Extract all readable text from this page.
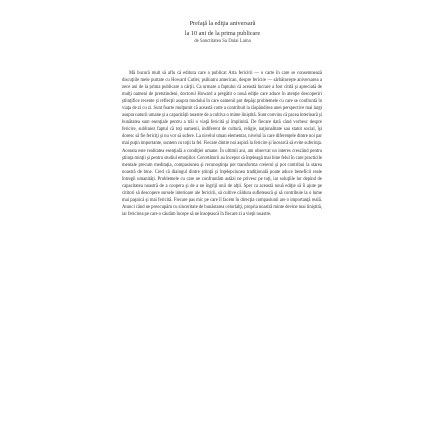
Prefaţă la ediţia aniversară
la 10 ani de la prima publicare
de Sanctitatea Sa Dalai Lama

Mă bucură mult să aflu că editura care a publicat Arta fericirii — o carte în care se consemnează discuţiile mele purtate cu Howard Cutler, psihiatru american, despre fericire — sărbătoreşte aniversarea a zece ani de la prima publicare a cărţii. Ca urmare a faptului că această lucrare a fost citită şi apreciată de mulţi oameni de pretutindeni, doctorul Howard a pregătit o nouă ediţie care aduce în atenţie descoperiri ştiinţifice recente şi reflecţii asupra modului în care oamenii pot depăşi problemele cu care se confruntă în viaţa de zi cu zi. Sunt foarte mulţumit că această carte a contribuit la răspândirea unei perspective mai largi asupra naturii umane şi a capacităţii noastre de a cultiva o minte liniştită. Sunt convins că pacea interioară şi bunătatea sunt esenţiale pentru a trăi o viaţă fericită şi împlinită. De fiecare dată când vorbesc despre fericire, subliniez faptul că toţi oamenii, indiferent de cultură, religie, naţionalitate sau statut social, îşi doresc să fie fericiţi şi nu vor să sufere. La nivelul uman elementar, nivelul la care diferenţele dintre noi par mai puţin importante, suntem cu toţii la fel. Fiecare dintre noi aspiră la fericire şi încearcă să evite suferinţa. Aceasta este realitatea esenţială a condiţiei umane. În ultimii ani, am observat un interes crescând pentru ştiinţa minţii şi pentru studiul emoţiilor. Cercetătorii au început să înţeleagă mai bine felul în care practicile mentale precum meditaţia, compasiunea şi recunoştinţa pot transforma creierul şi pot contribui la starea noastră de bine. Cred că dialogul dintre ştiinţă şi înţelepciunea tradiţională poate aduce beneficii reale întregii umanităţi. Problemele cu care ne confruntăm astăzi ne privesc pe toţi, iar soluţiile lor depind de capacitatea noastră de a coopera şi de a ne îngriji unii de alţii. Sper ca această nouă ediţie să îi ajute pe cititori să descopere sursele interioare ale fericirii, să cultive căldura sufletească şi să contribuie la o lume mai paşnică şi mai fericită. Fiecare pas mic pe care îl facem în direcţia compasiunii are o importanţă reală. Atunci când ne preocupăm cu sinceritate de bunăstarea celorlalţi, propria noastră minte devine mai liniştită, iar fericirea pe care o căutăm începe să ne însoţească în fiecare zi a vieţii noastre.
